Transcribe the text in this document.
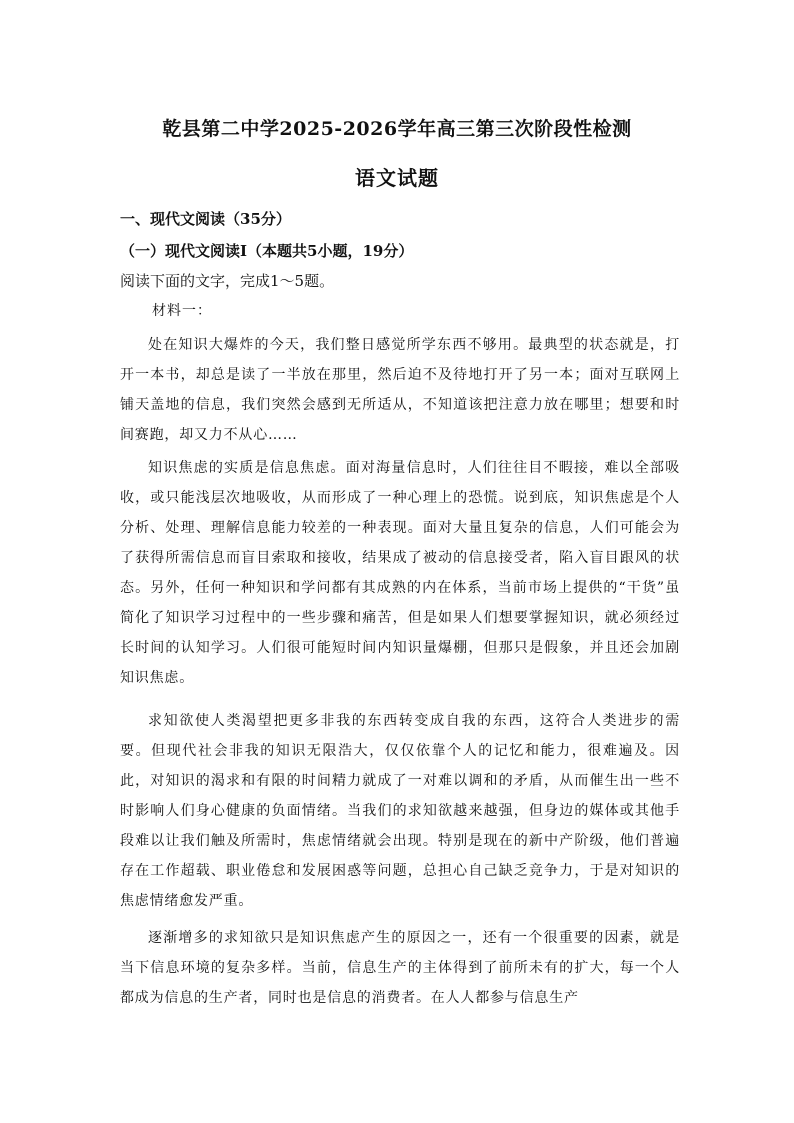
乾县第二中学2025-2026学年高三第三次阶段性检测
语文试题
一、现代文阅读（35分）
（一）现代文阅读Ⅰ（本题共5小题，19分）
阅读下面的文字，完成1～5题。
材料一：

处在知识大爆炸的今天，我们整日感觉所学东西不够用。最典型的状态就是，打开一本书，却总是读了一半放在那里，然后迫不及待地打开了另一本；面对互联网上铺天盖地的信息，我们突然会感到无所适从，不知道该把注意力放在哪里；想要和时间赛跑，却又力不从心……

知识焦虑的实质是信息焦虑。面对海量信息时，人们往往目不暇接，难以全部吸收，或只能浅层次地吸收，从而形成了一种心理上的恐慌。说到底，知识焦虑是个人分析、处理、理解信息能力较差的一种表现。面对大量且复杂的信息，人们可能会为了获得所需信息而盲目索取和接收，结果成了被动的信息接受者，陷入盲目跟风的状态。另外，任何一种知识和学问都有其成熟的内在体系，当前市场上提供的“干货”虽简化了知识学习过程中的一些步骤和痛苦，但是如果人们想要掌握知识，就必须经过长时间的认知学习。人们很可能短时间内知识量爆棚，但那只是假象，并且还会加剧知识焦虑。

求知欲使人类渴望把更多非我的东西转变成自我的东西，这符合人类进步的需要。但现代社会非我的知识无限浩大，仅仅依靠个人的记忆和能力，很难遍及。因此，对知识的渴求和有限的时间精力就成了一对难以调和的矛盾，从而催生出一些不时影响人们身心健康的负面情绪。当我们的求知欲越来越强，但身边的媒体或其他手段难以让我们触及所需时，焦虑情绪就会出现。特别是现在的新中产阶级，他们普遍存在工作超载、职业倦怠和发展困惑等问题，总担心自己缺乏竞争力，于是对知识的焦虑情绪愈发严重。

逐渐增多的求知欲只是知识焦虑产生的原因之一，还有一个很重要的因素，就是当下信息环境的复杂多样。当前，信息生产的主体得到了前所未有的扩大，每一个人都成为信息的生产者，同时也是信息的消费者。在人人都参与信息生产
